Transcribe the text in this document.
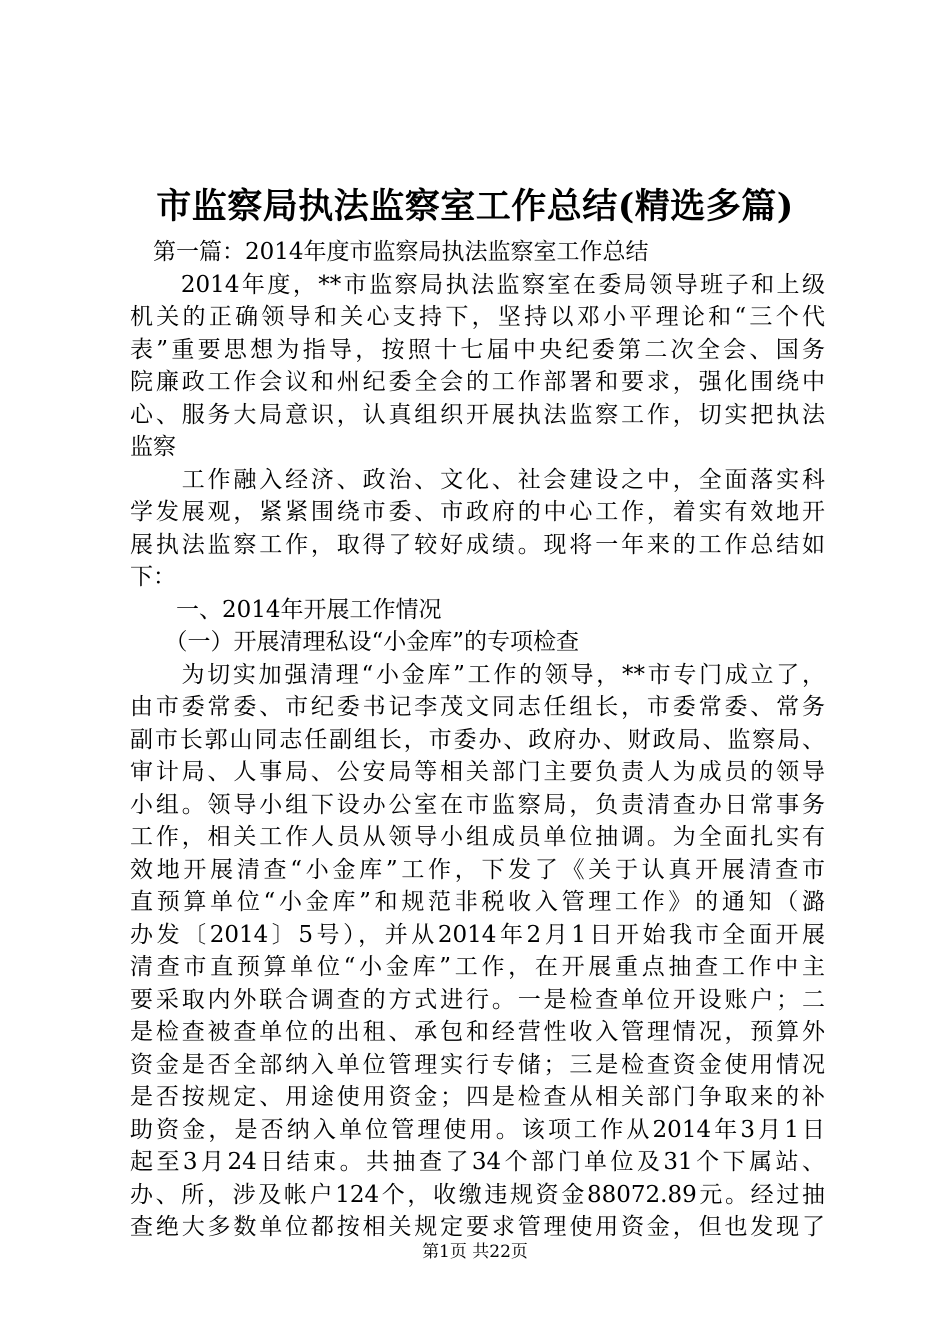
市监察局执法监察室工作总结(精选多篇)
　第一篇：2014年度市监察局执法监察室工作总结
　　2014年度，**市监察局执法监察室在委局领导班子和上级
机关的正确领导和关心支持下，坚持以邓小平理论和“三个代
表”重要思想为指导，按照十七届中央纪委第二次全会、国务
院廉政工作会议和州纪委全会的工作部署和要求，强化围绕中
心、服务大局意识，认真组织开展执法监察工作，切实把执法
监察
　　工作融入经济、政治、文化、社会建设之中，全面落实科
学发展观，紧紧围绕市委、市政府的中心工作，着实有效地开
展执法监察工作，取得了较好成绩。现将一年来的工作总结如
下：
　　一、2014年开展工作情况
　　（一）开展清理私设“小金库”的专项检查
　　为切实加强清理“小金库”工作的领导，**市专门成立了，
由市委常委、市纪委书记李茂文同志任组长，市委常委、常务
副市长郭山同志任副组长，市委办、政府办、财政局、监察局、
审计局、人事局、公安局等相关部门主要负责人为成员的领导
小组。领导小组下设办公室在市监察局，负责清查办日常事务
工作，相关工作人员从领导小组成员单位抽调。为全面扎实有
效地开展清查“小金库”工作，下发了《关于认真开展清查市
直预算单位“小金库”和规范非税收入管理工作》的通知（潞
办发〔2014〕5号），并从2014年2月1日开始我市全面开展
清查市直预算单位“小金库”工作，在开展重点抽查工作中主
要采取内外联合调查的方式进行。一是检查单位开设账户；二
是检查被查单位的出租、承包和经营性收入管理情况，预算外
资金是否全部纳入单位管理实行专储；三是检查资金使用情况
是否按规定、用途使用资金；四是检查从相关部门争取来的补
助资金，是否纳入单位管理使用。该项工作从2014年3月1日
起至3月24日结束。共抽查了34个部门单位及31个下属站、
办、所，涉及帐户124个，收缴违规资金88072.89元。经过抽
查绝大多数单位都按相关规定要求管理使用资金，但也发现了
第1页 共22页
